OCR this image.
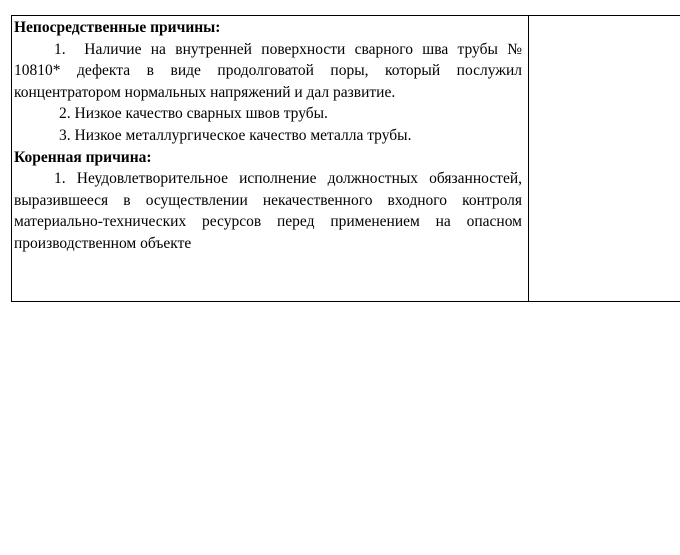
Непосредственные причины:

1. Наличие на внутренней поверхности сварного шва трубы № 10810* дефекта в виде продолговатой поры, который послужил концентратором нормальных напряжений и дал развитие.

2. Низкое качество сварных швов трубы.

3. Низкое металлургическое качество металла трубы.

Коренная причина:

1. Неудовлетворительное исполнение должностных обязанностей, выразившееся в осуществлении некачественного входного контроля материально-технических ресурсов перед применением на опасном производственном объекте
